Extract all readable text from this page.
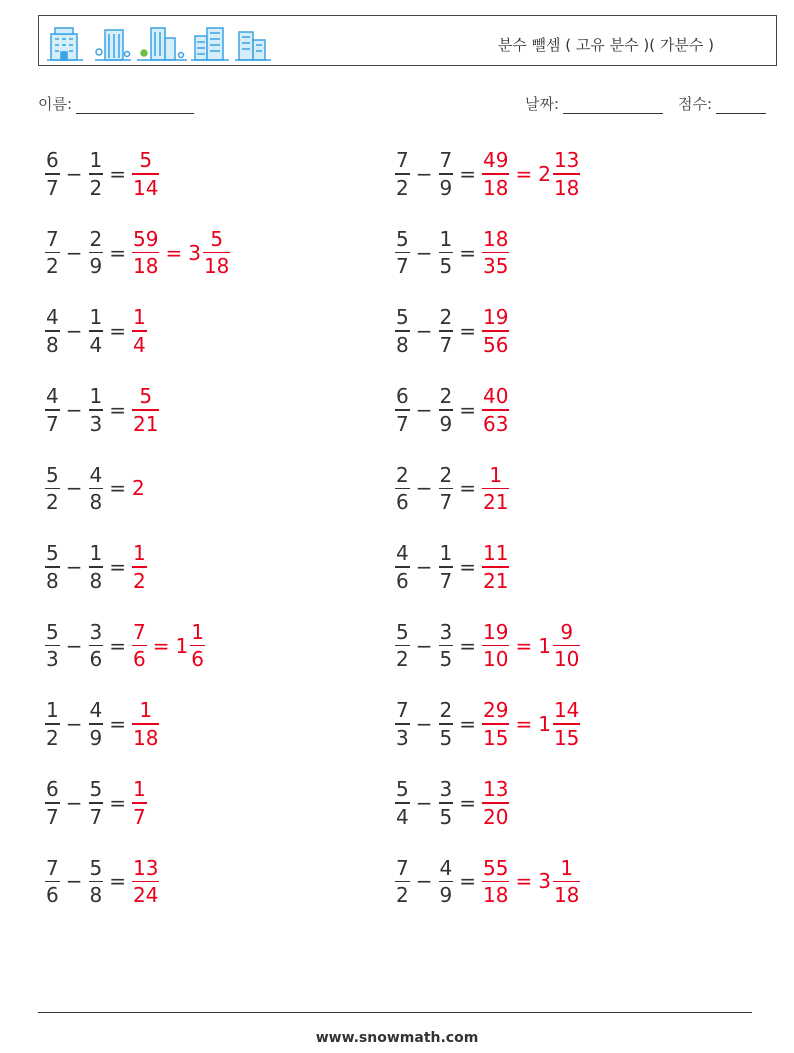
분수 뺄셈 ( 고유 분수 )( 가분수 )
이름:	날짜:	점수:
$\frac{6}{7} - \frac{1}{2} = \frac{5}{14}$	$\frac{7}{2} - \frac{7}{9} = \frac{49}{18} = 2 \frac{13}{18}$
$\frac{7}{2} - \frac{2}{9} = \frac{59}{18} = 3 \frac{5}{18}$	$\frac{5}{7} - \frac{1}{5} = \frac{18}{35}$
$\frac{4}{8} - \frac{1}{4} = \frac{1}{4}$	$\frac{5}{8} - \frac{2}{7} = \frac{19}{56}$
$\frac{4}{7} - \frac{1}{3} = \frac{5}{21}$	$\frac{6}{7} - \frac{2}{9} = \frac{40}{63}$
$\frac{5}{2} - \frac{4}{8} = 2$	$\frac{2}{6} - \frac{2}{7} = \frac{1}{21}$
$\frac{5}{8} - \frac{1}{8} = \frac{1}{2}$	$\frac{4}{6} - \frac{1}{7} = \frac{11}{21}$
$\frac{5}{3} - \frac{3}{6} = \frac{7}{6} = 1 \frac{1}{6}$	$\frac{5}{2} - \frac{3}{5} = \frac{19}{10} = 1 \frac{9}{10}$
$\frac{1}{2} - \frac{4}{9} = \frac{1}{18}$	$\frac{7}{3} - \frac{2}{5} = \frac{29}{15} = 1 \frac{14}{15}$
$\frac{6}{7} - \frac{5}{7} = \frac{1}{7}$	$\frac{5}{4} - \frac{3}{5} = \frac{13}{20}$
$\frac{7}{6} - \frac{5}{8} = \frac{13}{24}$	$\frac{7}{2} - \frac{4}{9} = \frac{55}{18} = 3 \frac{1}{18}$
www.snowmath.com
